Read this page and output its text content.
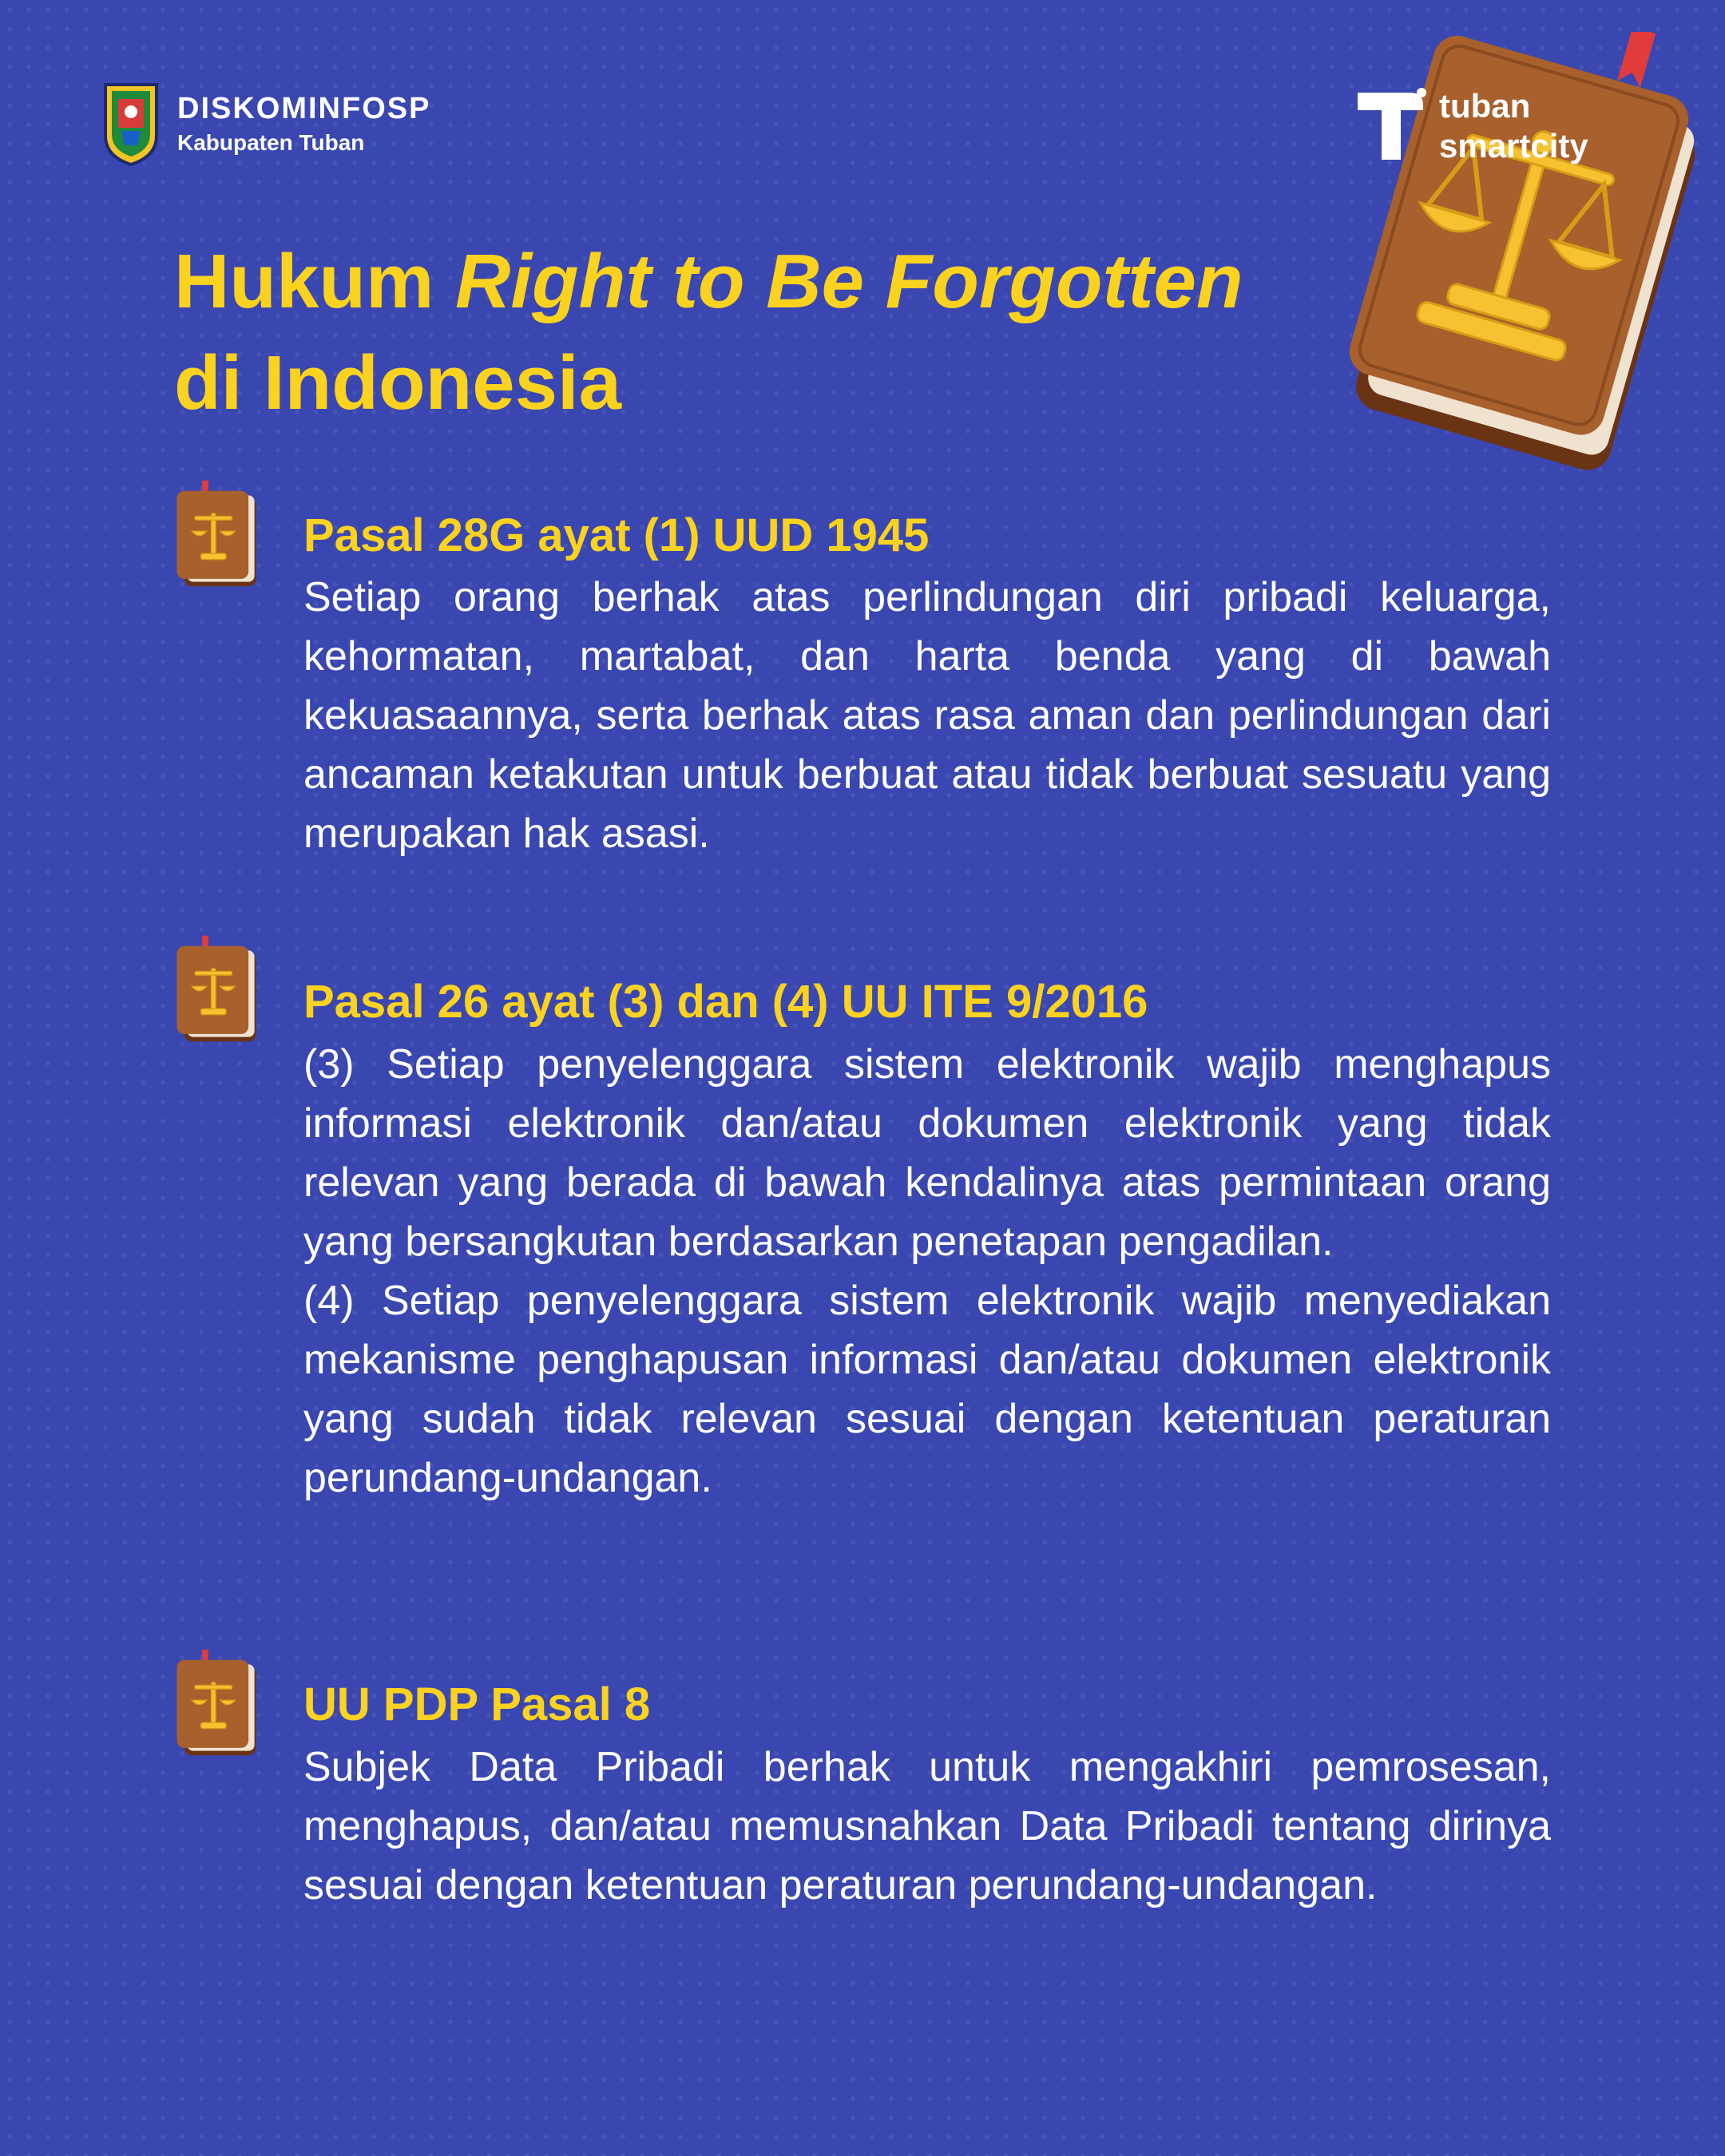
DISKOMINFOSP
Kabupaten Tuban
tuban
smartcity
Hukum Right to Be Forgotten
di Indonesia
Pasal 28G ayat (1) UUD 1945

Setiap orang berhak atas perlindungan diri pribadi keluarga, kehormatan, martabat, dan harta benda yang di bawah kekuasaannya, serta berhak atas rasa aman dan perlindungan dari ancaman ketakutan untuk berbuat atau tidak berbuat sesuatu yang merupakan hak asasi.

Pasal 26 ayat (3) dan (4) UU ITE 9/2016

(3) Setiap penyelenggara sistem elektronik wajib menghapus informasi elektronik dan/atau dokumen elektronik yang tidak relevan yang berada di bawah kendalinya atas permintaan orang yang bersangkutan berdasarkan penetapan pengadilan.

(4) Setiap penyelenggara sistem elektronik wajib menyediakan mekanisme penghapusan informasi dan/atau dokumen elektronik yang sudah tidak relevan sesuai dengan ketentuan peraturan perundang-undangan.

UU PDP Pasal 8

Subjek Data Pribadi berhak untuk mengakhiri pemrosesan, menghapus, dan/atau memusnahkan Data Pribadi tentang dirinya sesuai dengan ketentuan peraturan perundang-undangan.
